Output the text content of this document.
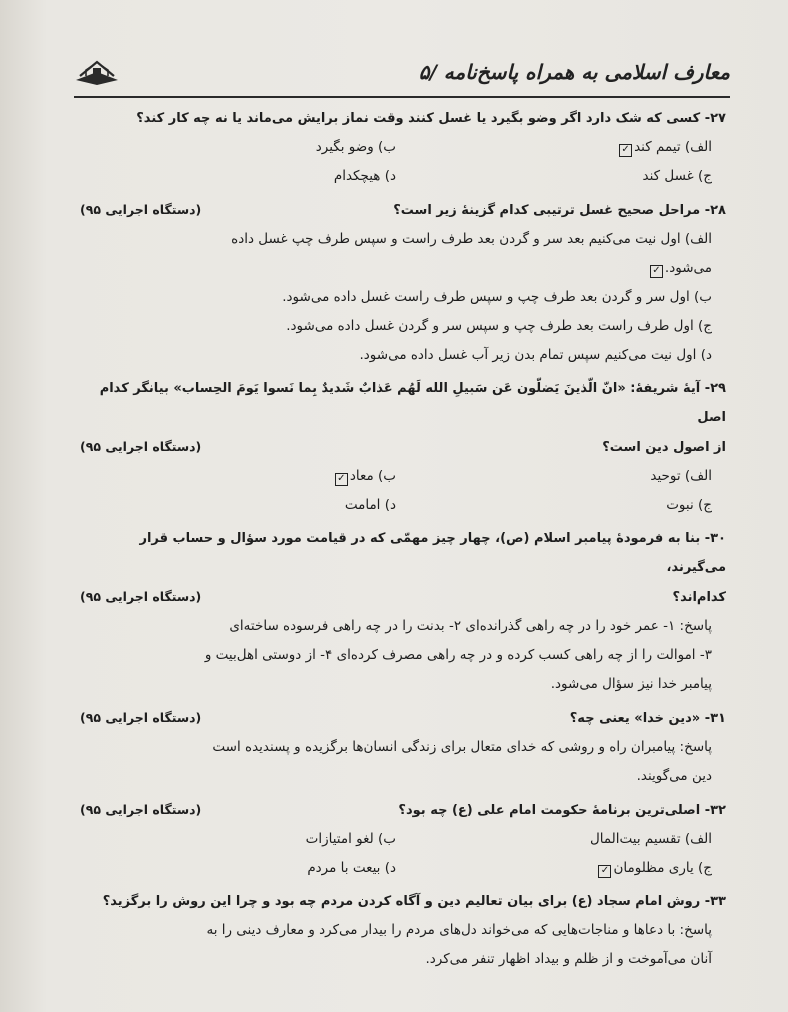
معارف اسلامی به همراه پاسخ‌نامه /۵
۲۷- کسی که شک دارد اگر وضو بگیرد یا غسل کنند وقت نماز برایش می‌ماند یا نه چه کار کند؟
الف) تیمم کند✓
ب) وضو بگیرد
ج) غسل کند
د) هیچکدام
۲۸- مراحل صحیح غسل ترتیبی کدام گزینهٔ زیر است؟
(دستگاه اجرایی ۹۵)
الف) اول نیت می‌کنیم بعد سر و گردن بعد طرف راست و سپس طرف چپ غسل داده
می‌شود.✓
ب) اول سر و گردن بعد طرف چپ و سپس طرف راست غسل داده می‌شود.
ج) اول طرف راست بعد طرف چپ و سپس سر و گردن غسل داده می‌شود.
د) اول نیت می‌کنیم سپس تمام بدن زیر آب غسل داده می‌شود.
۲۹- آیهٔ شریفهٔ: «انّ الّذینَ یَضلّون عَن سَبیلِ الله لَهُم عَذابٌ شَدیدٌ بِما نَسوا یَومَ الحِساب» بیانگر کدام اصل
از اصول دین است؟
(دستگاه اجرایی ۹۵)
الف) توحید
ب) معاد✓
ج) نبوت
د) امامت
۳۰- بنا به فرمودهٔ پیامبر اسلام (ص)، چهار چیز مهمّی که در قیامت مورد سؤال و حساب قرار می‌گیرند،
کدام‌اند؟
(دستگاه اجرایی ۹۵)
پاسخ: ۱- عمر خود را در چه راهی گذرانده‌ای ۲- بدنت را در چه راهی فرسوده ساخته‌ای
۳- اموالت را از چه راهی کسب کرده و در چه راهی مصرف کرده‌ای ۴- از دوستی اهل‌بیت و
پیامبر خدا نیز سؤال می‌شود.
۳۱- «دین خدا» یعنی چه؟
(دستگاه اجرایی ۹۵)
پاسخ: پیامبران راه و روشی که خدای متعال برای زندگی انسان‌ها برگزیده و پسندیده است
دین می‌گویند.
۳۲- اصلی‌ترین برنامهٔ حکومت امام علی (ع) چه بود؟
(دستگاه اجرایی ۹۵)
الف) تقسیم بیت‌المال
ب) لغو امتیازات
ج) یاری مظلومان✓
د) بیعت با مردم
۳۳- روش امام سجاد (ع) برای بیان تعالیم دین و آگاه کردن مردم چه بود و چرا این روش را برگزید؟
پاسخ: با دعاها و مناجات‌هایی که می‌خواند دل‌های مردم را بیدار می‌کرد و معارف دینی را به
آنان می‌آموخت و از ظلم و بیداد اظهار تنفر می‌کرد.
